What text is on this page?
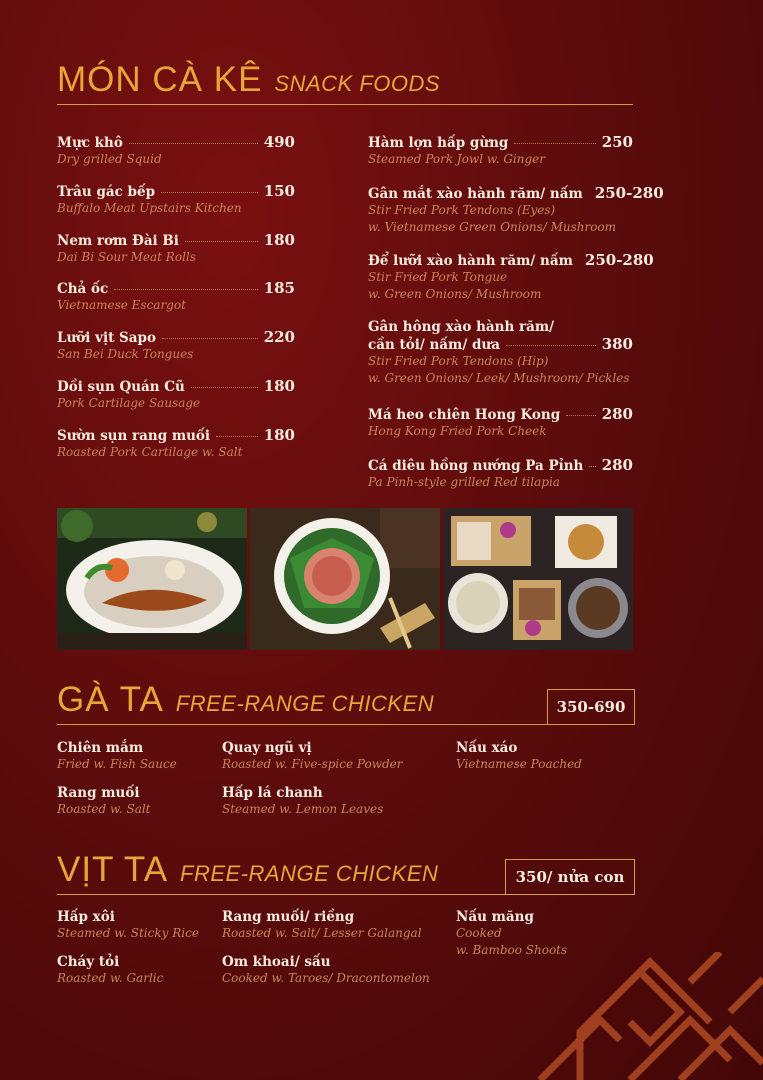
MÓN CÀ KÊ SNACK FOODS
Mực khô	490
Dry grilled Squid
Trâu gác bếp	150
Buffalo Meat Upstairs Kitchen
Nem rơm Đài Bi	180
Dai Bi Sour Meat Rolls
Chả ốc	185
Vietnamese Escargot
Lưỡi vịt Sapo	220
San Bei Duck Tongues
Dồi sụn Quán Cũ	180
Pork Cartilage Sausage
Sườn sụn rang muối	180
Roasted Pork Cartilage w. Salt
Hàm lợn hấp gừng	250
Steamed Pork Jowl w. Ginger
Gân mắt xào hành răm/ nấm 250-280
Stir Fried Pork Tendons (Eyes)
w. Vietnamese Green Onions/ Mushroom
Để lưỡi xào hành răm/ nấm 250-280
Stir Fried Pork Tongue
w. Green Onions/ Mushroom
Gân hông xào hành răm/
cần tỏi/ nấm/ dưa	380
Stir Fried Pork Tendons (Hip)
w. Green Onions/ Leek/ Mushroom/ Pickles
Má heo chiên Hong Kong	280
Hong Kong Fried Pork Cheek
Cá diêu hồng nướng Pa Pỉnh 280
Pa Pinh-style grilled Red tilapia
GÀ TA FREE-RANGE CHICKEN	350-690
Chiên mắm
Fried w. Fish Sauce
Quay ngũ vị
Roasted w. Five-spice Powder
Nấu xáo
Vietnamese Poached
Rang muối
Roasted w. Salt
Hấp lá chanh
Steamed w. Lemon Leaves
VỊT TA FREE-RANGE CHICKEN	350/ nửa con
Hấp xôi
Steamed w. Sticky Rice
Rang muối/ riềng
Roasted w. Salt/ Lesser Galangal
Nấu măng
Cooked
w. Bamboo Shoots
Cháy tỏi
Roasted w. Garlic
Om khoai/ sấu
Cooked w. Taroes/ Dracontomelon
